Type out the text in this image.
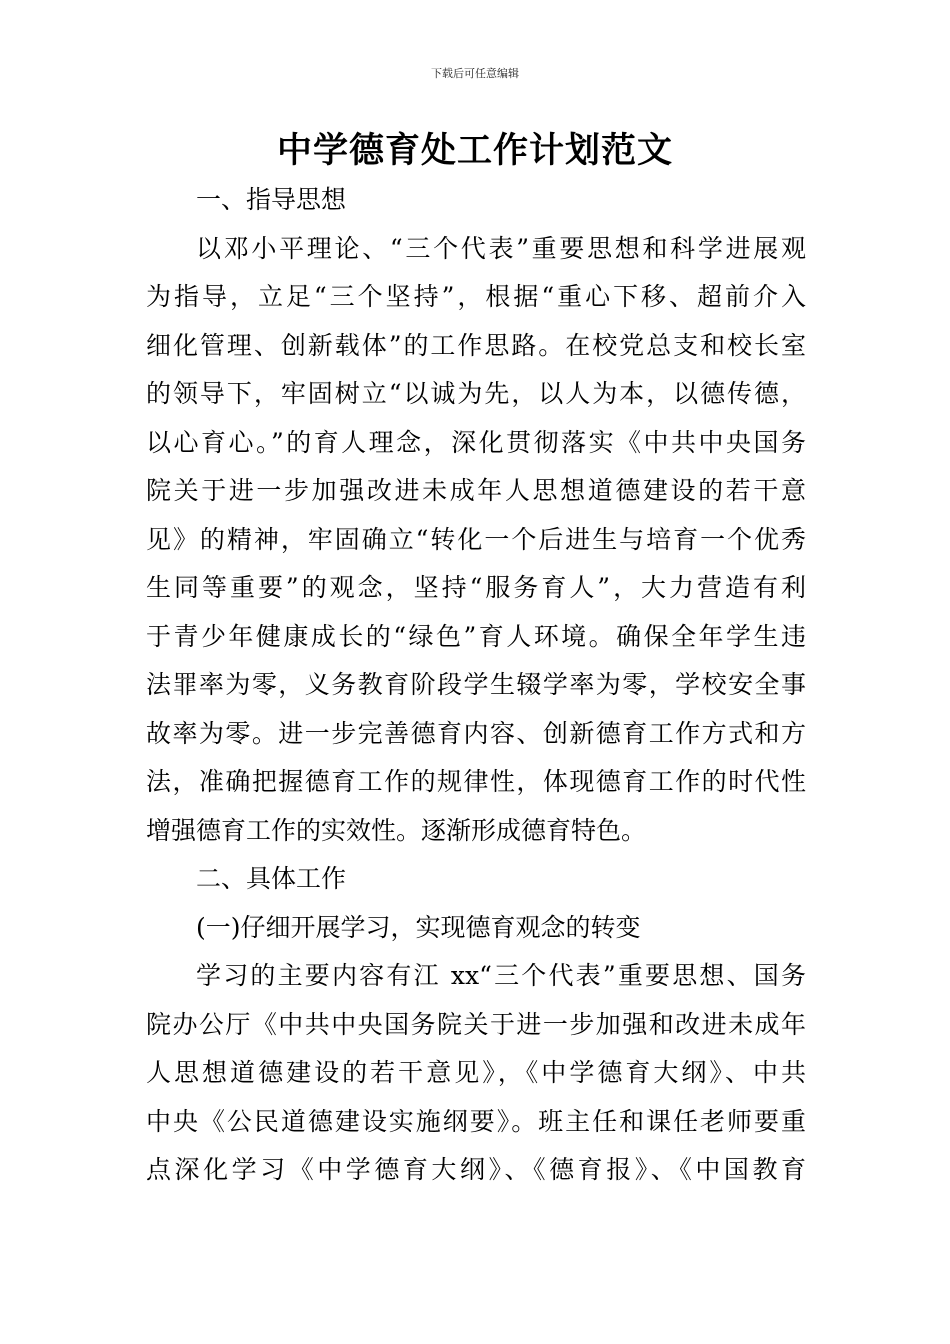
下载后可任意编辑
中学德育处工作计划范文
一、指导思想
以邓小平理论、“三个代表”重要思想和科学进展观
为指导，立足“三个坚持”，根据“重心下移、超前介入
细化管理、创新载体”的工作思路。在校党总支和校长室
的领导下，牢固树立“以诚为先，以人为本，以德传德，
以心育心。”的育人理念，深化贯彻落实《中共中央国务
院关于进一步加强改进未成年人思想道德建设的若干意
见》的精神，牢固确立“转化一个后进生与培育一个优秀
生同等重要”的观念，坚持“服务育人”，大力营造有利
于青少年健康成长的“绿色”育人环境。确保全年学生违
法罪率为零，义务教育阶段学生辍学率为零，学校安全事
故率为零。进一步完善德育内容、创新德育工作方式和方
法，准确把握德育工作的规律性，体现德育工作的时代性
增强德育工作的实效性。逐渐形成德育特色。
二、具体工作
(一)仔细开展学习，实现德育观念的转变
学习的主要内容有江 xx“三个代表”重要思想、国务
院办公厅《中共中央国务院关于进一步加强和改进未成年
人思想道德建设的若干意见》，《中学德育大纲》、中共
中央《公民道德建设实施纲要》。班主任和课任老师要重
点深化学习《中学德育大纲》、《德育报》、《中国教育
